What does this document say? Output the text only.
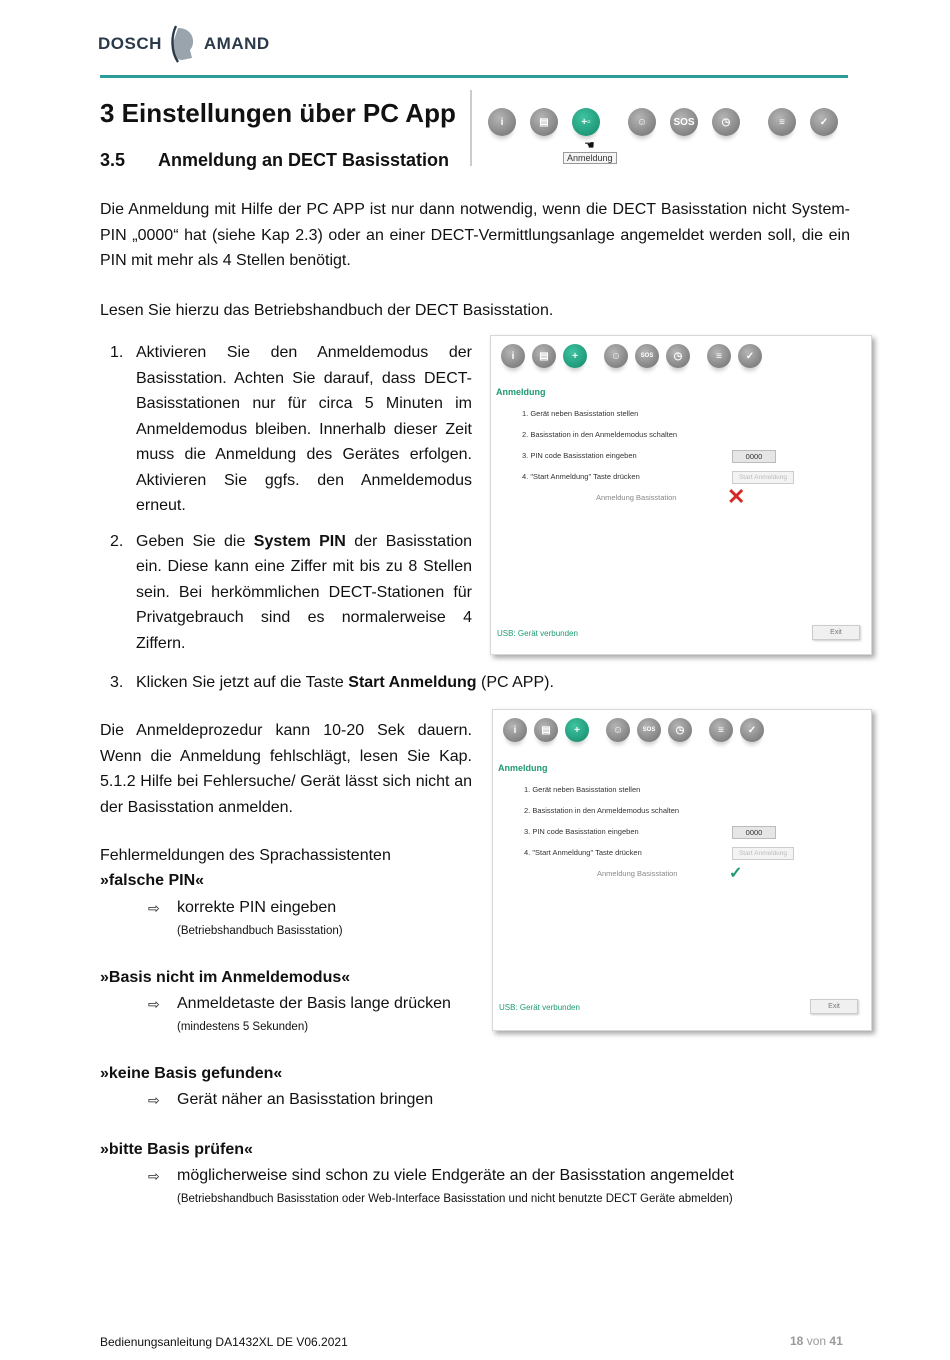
DOSCH AMAND
3 Einstellungen über PC App
3.5 Anmeldung an DECT Basisstation
i	▤	+▫	☺	SOS	◷	≡	✓
☚
Anmeldung

Die Anmeldung mit Hilfe der PC APP ist nur dann notwendig, wenn die DECT Basisstation nicht System-PIN „0000“ hat (siehe Kap 2.3) oder an einer DECT-Vermittlungsanlage angemeldet werden soll, die ein PIN mit mehr als 4 Stellen benötigt.

Lesen Sie hierzu das Betriebshandbuch der DECT Basisstation.

1. Aktivieren Sie den Anmeldemodus der Basisstation. Achten Sie darauf, dass DECT-Basisstationen nur für circa 5 Minuten im Anmeldemodus bleiben. Innerhalb dieser Zeit muss die Anmeldung des Gerätes erfolgen. Aktivieren Sie ggfs. den Anmeldemodus erneut.
2. Geben Sie die System PIN der Basisstation ein. Diese kann eine Ziffer mit bis zu 8 Stellen sein. Bei herkömmlichen DECT-Stationen für Privatgebrauch sind es normalerweise 4 Ziffern.
3. Klicken Sie jetzt auf die Taste Start Anmeldung (PC APP).
i	▤	+	☺	SOS	◷	≡	✓
Anmeldung
1. Gerät neben Basisstation stellen
2. Basisstation in den Anmeldemodus schalten
3. PIN code Basisstation eingeben	0000
4. "Start Anmeldung" Taste drücken	Start Anmeldung
Anmeldung Basisstation ✕
USB: Gerät verbunden	Exit

Die Anmeldeprozedur kann 10-20 Sek dauern. Wenn die Anmeldung fehlschlägt, lesen Sie Kap. 5.1.2 Hilfe bei Fehlersuche/ Gerät lässt sich nicht an der Basisstation anmelden.

Fehlermeldungen des Sprachassistenten
»falsche PIN«
⇨	korrekte PIN eingeben
(Betriebshandbuch Basisstation)
»Basis nicht im Anmeldemodus«
⇨	Anmeldetaste der Basis lange drücken
(mindestens 5 Sekunden)
»keine Basis gefunden«
⇨	Gerät näher an Basisstation bringen
»bitte Basis prüfen«
⇨	möglicherweise sind schon zu viele Endgeräte an der Basisstation angemeldet
(Betriebshandbuch Basisstation oder Web-Interface Basisstation und nicht benutzte DECT Geräte abmelden)
i	▤	+	☺	SOS	◷	≡	✓
Anmeldung
1. Gerät neben Basisstation stellen
2. Basisstation in den Anmeldemodus schalten
3. PIN code Basisstation eingeben	0000
4. "Start Anmeldung" Taste drücken	Start Anmeldung
Anmeldung Basisstation	✓
USB: Gerät verbunden	Exit
Bedienungsanleitung DA1432XL DE V06.2021	18 von 41
